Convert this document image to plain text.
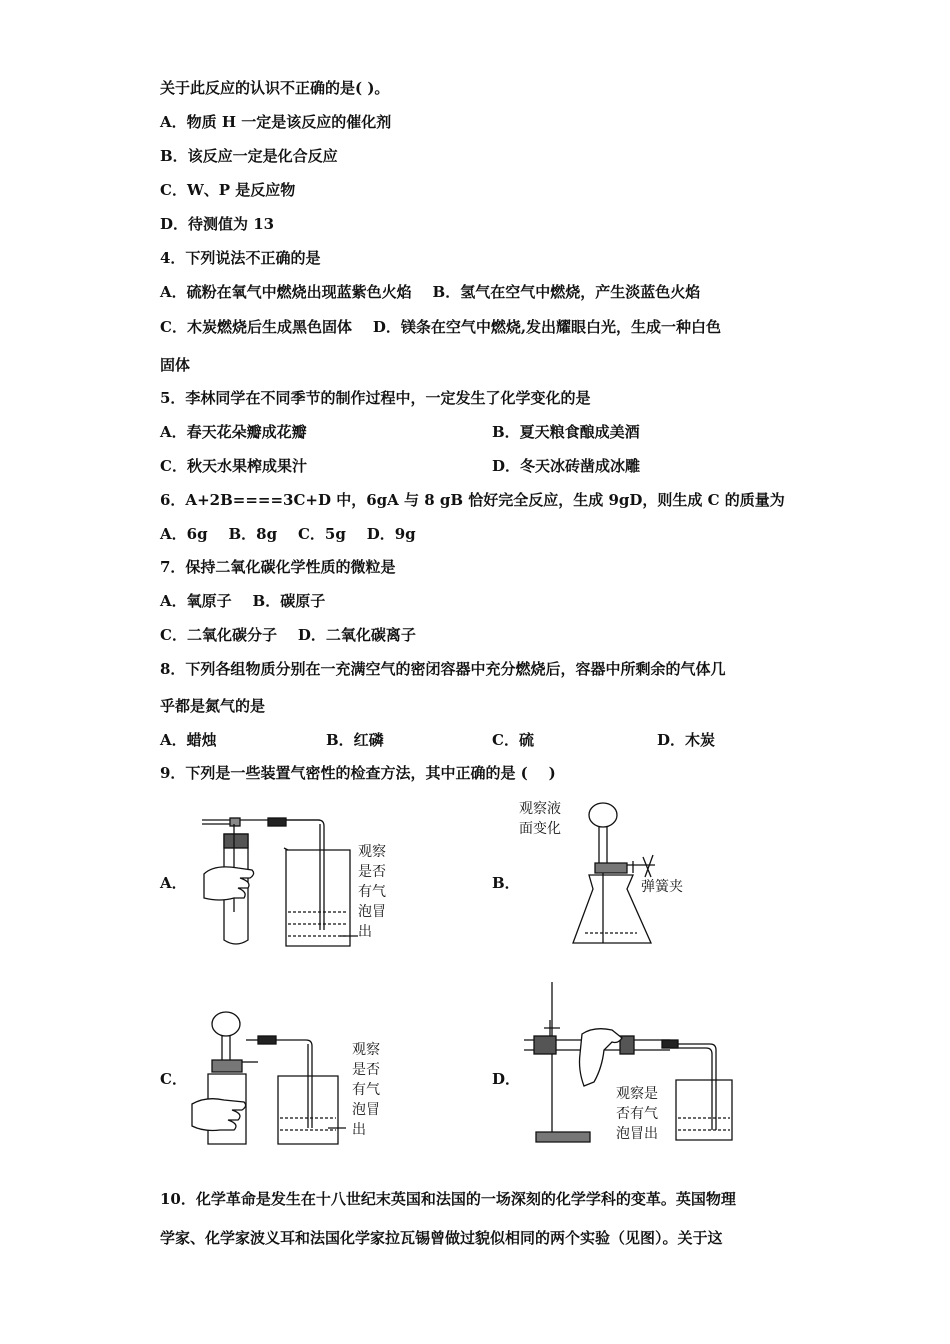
关于此反应的认识不正确的是( )。
A．物质 H 一定是该反应的催化剂
B．该反应一定是化合反应
C．W、P 是反应物
D．待测值为 13
4．下列说法不正确的是
A．硫粉在氧气中燃烧出现蓝紫色火焰    B．氢气在空气中燃烧，产生淡蓝色火焰
C．木炭燃烧后生成黑色固体    D．镁条在空气中燃烧,发出耀眼白光，生成一种白色
固体
5．李林同学在不同季节的制作过程中，一定发生了化学变化的是
A．春天花朵瓣成花瓣	B．夏天粮食酿成美酒
C．秋天水果榨成果汁	D．冬天冰砖凿成冰雕
6．A+2B====3C+D 中，6gA 与 8 gB 恰好完全反应，生成 9gD，则生成 C 的质量为
A．6g    B．8g    C．5g    D．9g
7．保持二氧化碳化学性质的微粒是
A．氧原子    B．碳原子
C．二氧化碳分子    D．二氧化碳离子
8．下列各组物质分别在一充满空气的密闭容器中充分燃烧后，容器中所剩余的气体几
乎都是氮气的是
A．蜡烛	B．红磷	C．硫	D．木炭
9．下列是一些装置气密性的检查方法，其中正确的是 (    )
A．	B．
C．	D．
观察
是否
有气
泡冒
出
观察液
面变化
弹簧夹
观察
是否
有气
泡冒
出
观察是
否有气
泡冒出
10．化学革命是发生在十八世纪末英国和法国的一场深刻的化学学科的变革。英国物理
学家、化学家波义耳和法国化学家拉瓦锡曾做过貌似相同的两个实验（见图）。关于这
